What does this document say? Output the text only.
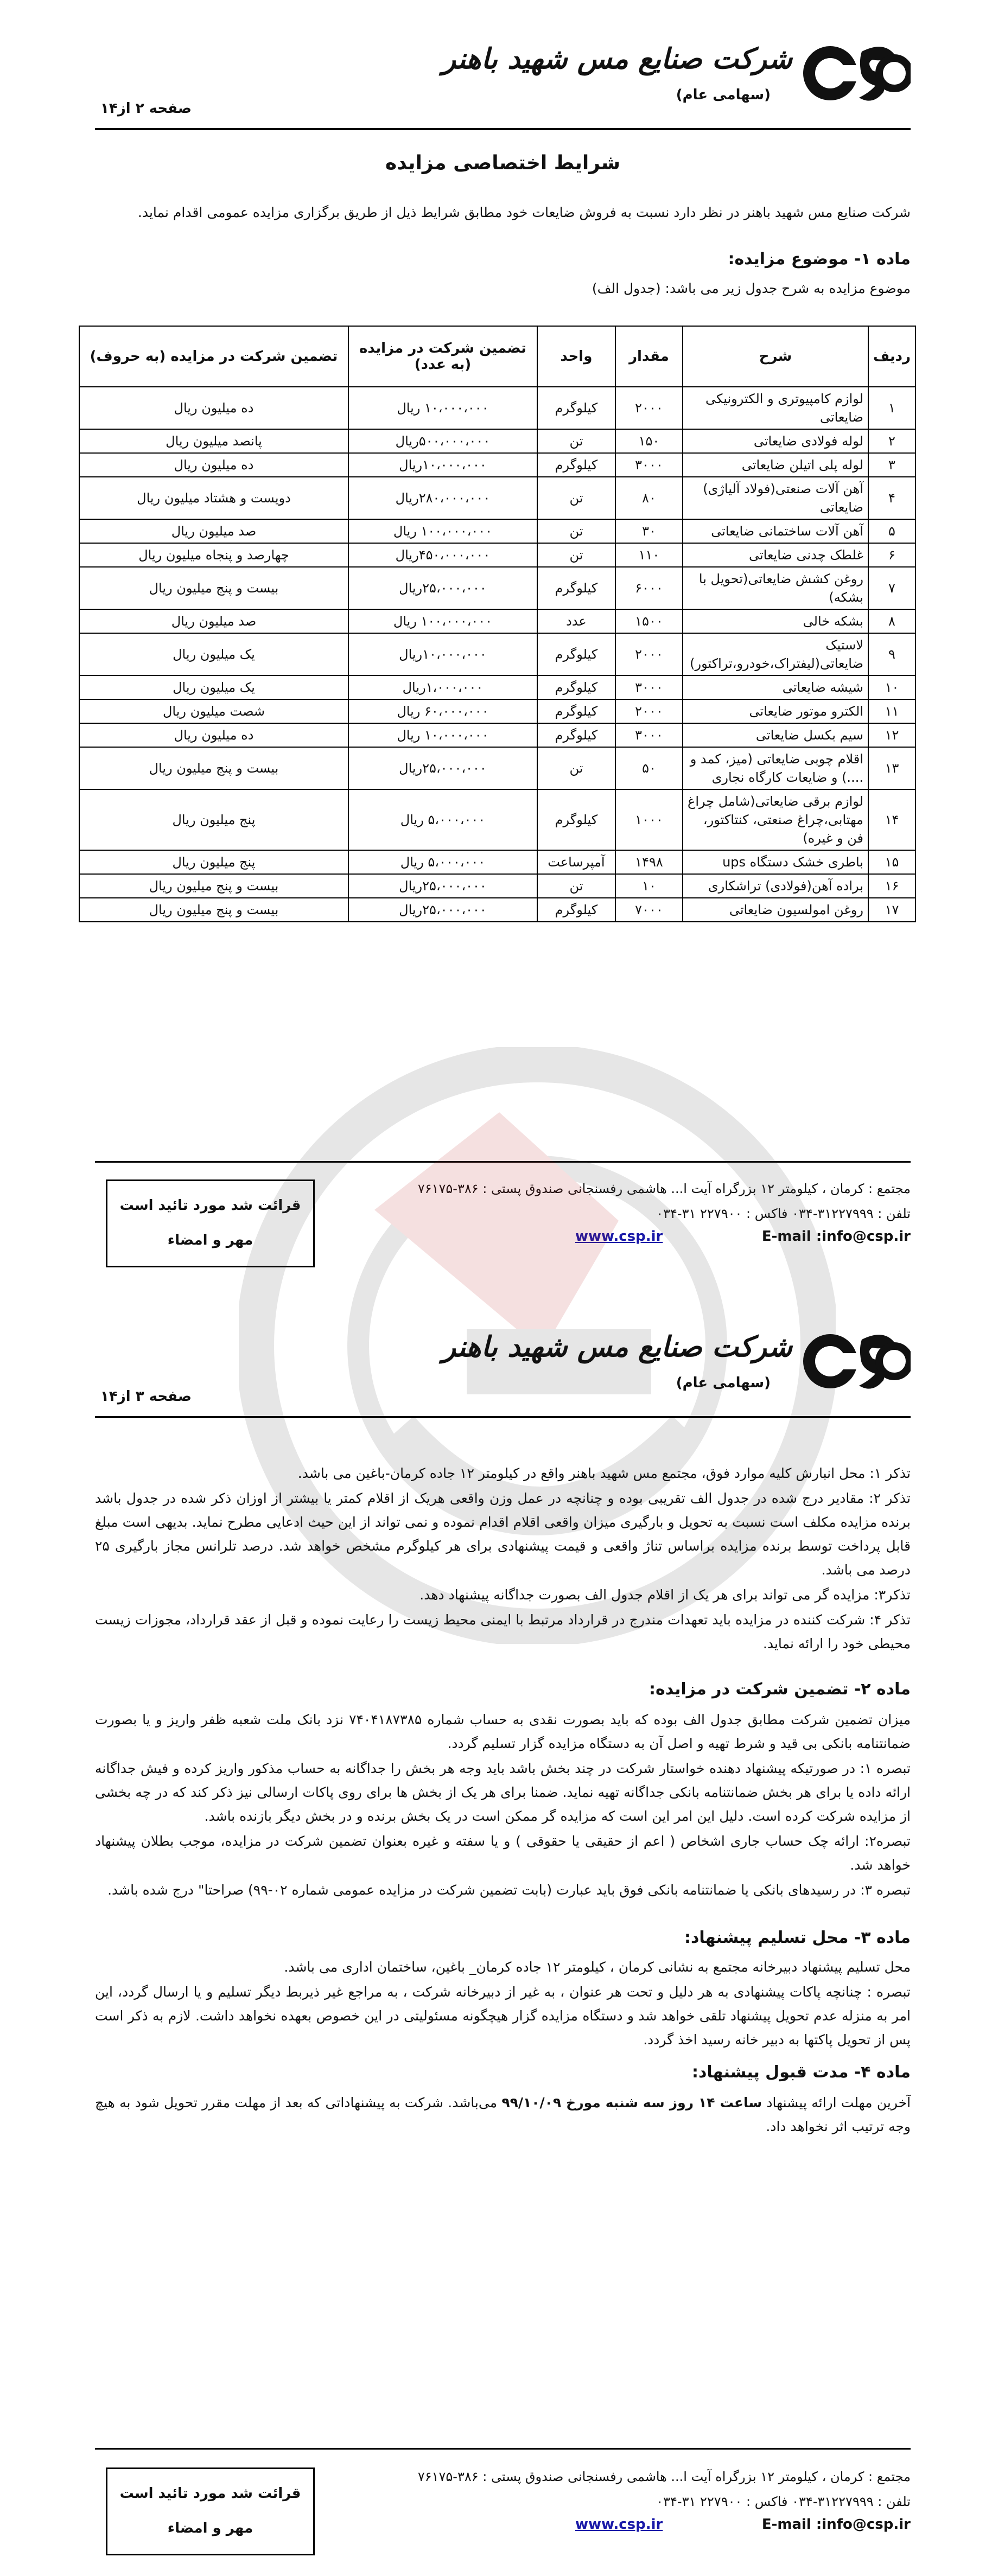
شرکت صنایع مس شهید باهنر
(سهامی عام)
صفحه ۲ از۱۴
شرایط اختصاصی مزایده
شرکت صنایع مس شهید باهنر در نظر دارد نسبت به فروش ضایعات خود مطابق شرایط ذیل از طریق برگزاری مزایده عمومی اقدام نماید.
ماده ۱- موضوع مزایده:
موضوع مزایده به شرح جدول زیر می باشد: (جدول الف)
ردیف	شرح	مقدار	واحد	تضمین شرکت در مزایده (به عدد)	تضمین شرکت در مزایده (به حروف)
۱	لوازم کامپیوتری و الکترونیکی ضایعاتی	۲۰۰۰	کیلوگرم	۱۰،۰۰۰،۰۰۰ ریال	ده میلیون ریال
۲	لوله فولادی ضایعاتی	۱۵۰	تن	۵۰۰،۰۰۰،۰۰۰ریال	پانصد میلیون ریال
۳	لوله پلی اتیلن ضایعاتی	۳۰۰۰	کیلوگرم	۱۰،۰۰۰،۰۰۰ریال	ده میلیون ریال
۴	آهن آلات صنعتی(فولاد آلیاژی) ضایعاتی	۸۰	تن	۲۸۰،۰۰۰،۰۰۰ریال	دویست و هشتاد میلیون ریال
۵	آهن آلات ساختمانی ضایعاتی	۳۰	تن	۱۰۰،۰۰۰،۰۰۰ ریال	صد میلیون ریال
۶	غلطک چدنی ضایعاتی	۱۱۰	تن	۴۵۰،۰۰۰،۰۰۰ریال	چهارصد و پنجاه میلیون ریال
۷	روغن کشش ضایعاتی(تحویل با بشکه)	۶۰۰۰	کیلوگرم	۲۵،۰۰۰،۰۰۰ریال	بیست و پنج میلیون ریال
۸	بشکه خالی	۱۵۰۰	عدد	۱۰۰،۰۰۰،۰۰۰ ریال	صد میلیون ریال
۹	لاستیک ضایعاتی(لیفتراک،خودرو،تراکتور)	۲۰۰۰	کیلوگرم	۱۰،۰۰۰،۰۰۰ریال	یک میلیون ریال
۱۰	شیشه ضایعاتی	۳۰۰۰	کیلوگرم	۱،۰۰۰،۰۰۰ریال	یک میلیون ریال
۱۱	الکترو موتور ضایعاتی	۲۰۰۰	کیلوگرم	۶۰،۰۰۰،۰۰۰ ریال	شصت میلیون ریال
۱۲	سیم بکسل ضایعاتی	۳۰۰۰	کیلوگرم	۱۰،۰۰۰،۰۰۰ ریال	ده میلیون ریال
۱۳	اقلام چوبی ضایعاتی (میز، کمد و ....) و ضایعات کارگاه نجاری	۵۰	تن	۲۵،۰۰۰،۰۰۰ریال	بیست و پنج میلیون ریال
۱۴	لوازم برقی ضایعاتی(شامل چراغ مهتابی،چراغ صنعتی، کنتاکتور، فن و غیره)	۱۰۰۰	کیلوگرم	۵،۰۰۰،۰۰۰ ریال	پنج میلیون ریال
۱۵	باطری خشک دستگاه ups	۱۴۹۸	آمپرساعت	۵،۰۰۰،۰۰۰ ریال	پنج میلیون ریال
۱۶	براده آهن(فولادی) تراشکاری	۱۰	تن	۲۵،۰۰۰،۰۰۰ریال	بیست و پنج میلیون ریال
۱۷	روغن امولسیون ضایعاتی	۷۰۰۰	کیلوگرم	۲۵،۰۰۰،۰۰۰ریال	بیست و پنج میلیون ریال
قرائت شد مورد تائید است
مهر و امضاء
مجتمع : کرمان ، کیلومتر ۱۲ بزرگراه آیت ا... هاشمی رفسنجانی صندوق پستی : ۳۸۶-۷۶۱۷۵
تلفن : ۳۱۲۲۷۹۹۹-۰۳۴ فاکس : ۲۲۷۹۰۰ ۳۱-۰۳۴
www.csp.ir	E-mail :info@csp.ir
شرکت صنایع مس شهید باهنر
(سهامی عام)
صفحه ۳ از۱۴
تذکر ۱: محل انبارش کلیه موارد فوق، مجتمع مس شهید باهنر واقع در کیلومتر ۱۲ جاده کرمان-باغین می باشد.
تذکر ۲: مقادیر درج شده در جدول الف تقریبی بوده و چنانچه در عمل وزن واقعی هریک از اقلام کمتر یا بیشتر از اوزان ذکر شده در جدول باشد برنده مزایده مکلف است نسبت به تحویل و بارگیری میزان واقعی اقلام اقدام نموده و نمی تواند از این حیث ادعایی مطرح نماید. بدیهی است مبلغ قابل پرداخت توسط برنده مزایده براساس تناژ واقعی و قیمت پیشنهادی برای هر کیلوگرم مشخص خواهد شد. درصد تلرانس مجاز بارگیری ۲۵ درصد می باشد.
تذکر۳: مزایده گر می تواند برای هر یک از اقلام جدول الف بصورت جداگانه پیشنهاد دهد.
تذکر ۴: شرکت کننده در مزایده باید تعهدات مندرج در قرارداد مرتبط با ایمنی محیط زیست را رعایت نموده و قبل از عقد قرارداد، مجوزات زیست محیطی خود را ارائه نماید.
ماده ۲- تضمین شرکت در مزایده:
میزان تضمین شرکت مطابق جدول الف بوده که باید بصورت نقدی به حساب شماره ۷۴۰۴۱۸۷۳۸۵ نزد بانک ملت شعبه ظفر واریز و یا بصورت ضمانتنامه بانکی بی قید و شرط تهیه و اصل آن به دستگاه مزایده گزار تسلیم گردد.
تبصره ۱: در صورتیکه پیشنهاد دهنده خواستار شرکت در چند بخش باشد باید وجه هر بخش را جداگانه به حساب مذکور واریز کرده و فیش جداگانه ارائه داده یا برای هر بخش ضمانتنامه بانکی جداگانه تهیه نماید. ضمنا برای هر یک از بخش ها برای روی پاکات ارسالی نیز ذکر کند که در چه بخشی از مزایده شرکت کرده است. دلیل این امر این است که مزایده گر ممکن است در یک بخش برنده و در بخش دیگر بازنده باشد.
تبصره۲: ارائه چک حساب جاری اشخاص ( اعم از حقیقی یا حقوقی ) و یا سفته و غیره بعنوان تضمین شرکت در مزایده، موجب بطلان پیشنهاد خواهد شد.
تبصره ۳: در رسیدهای بانکی یا ضمانتنامه بانکی فوق باید عبارت (بابت تضمین شرکت در مزایده عمومی شماره ۰۲-۹۹) صراحتا" درج شده باشد.
ماده ۳- محل تسلیم پیشنهاد:
محل تسلیم پیشنهاد دبیرخانه مجتمع به نشانی کرمان ، کیلومتر ۱۲ جاده کرمان_ باغین، ساختمان اداری می باشد.
تبصره : چنانچه پاکات پیشنهادی به هر دلیل و تحت هر عنوان ، به غیر از دبیرخانه شرکت ، به مراجع غیر ذیربط دیگر تسلیم و یا ارسال گردد، این امر به منزله عدم تحویل پیشنهاد تلقی خواهد شد و دستگاه مزایده گزار هیچگونه مسئولیتی در این خصوص بعهده نخواهد داشت. لازم به ذکر است پس از تحویل پاکتها به دبیر خانه رسید اخذ گردد.
ماده ۴- مدت قبول پیشنهاد:
آخرین مهلت ارائه پیشنهاد ساعت ۱۴ روز سه شنبه مورخ ۹۹/۱۰/۰۹ می‌باشد. شرکت به پیشنهاداتی که بعد از مهلت مقرر تحویل شود به هیچ وجه ترتیب اثر نخواهد داد.
قرائت شد مورد تائید است
مهر و امضاء
مجتمع : کرمان ، کیلومتر ۱۲ بزرگراه آیت ا... هاشمی رفسنجانی صندوق پستی : ۳۸۶-۷۶۱۷۵
تلفن : ۳۱۲۲۷۹۹۹-۰۳۴ فاکس : ۲۲۷۹۰۰ ۳۱-۰۳۴
www.csp.ir	E-mail :info@csp.ir
